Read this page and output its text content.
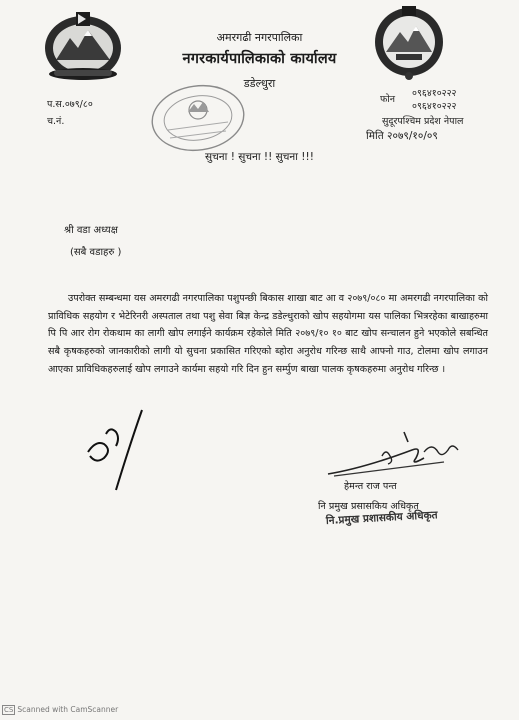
अमरगढी नगरपालिका
नगरकार्यपालिकाको कार्यालय
डडेल्धुरा
प.स.०७९/८०
च.नं.
फोन
०९६४१०२२२
०९६४१०२२२
सुदूरपश्चिम प्रदेश नेपाल
मिति २०७९/१०/०९
सुचना ! सुचना !! सुचना !!!
श्री वडा अध्यक्ष
(सबै वडाहरु )
उपरोक्त सम्बन्धमा यस अमरगढी नगरपालिका पशुपन्छी बिकास शाखा बाट आ व २०७९/०८० मा अमरगढी नगरपालिका को प्राविधिक सहयोग र भेटेरिनरी अस्पताल तथा पशु सेवा बिज्ञ केन्द्र डडेल्धुराको खोप सहयोगमा यस पालिका भित्ररहेका बाखाहरुमा पि पि आर रोग रोकथाम का लागी खोप लगाईने कार्यक्रम रहेकोले मिति २०७९/१० १० बाट खोप सन्चालन हुने भएकोले सबन्धित सबै कृषकहरुको जानकारीको लागी यो सुचना प्रकासित गरिएको ब्होरा अनुरोध गरिन्छ साथै आफ्नो गाउ, टोलमा खोप लगाउन आएका प्राविधिकहरुलाई खोप लगाउने कार्यमा सहयो गरि दिन हुन सर्म्पुण बाखा पालक कृषकहरुमा अनुरोध गरिन्छ ।
हेमन्त राज पन्त
नि प्रमुख प्रसासकिय अधिकृत
नि.प्रमुख प्रशासकीय अधिकृत
CS Scanned with CamScanner
